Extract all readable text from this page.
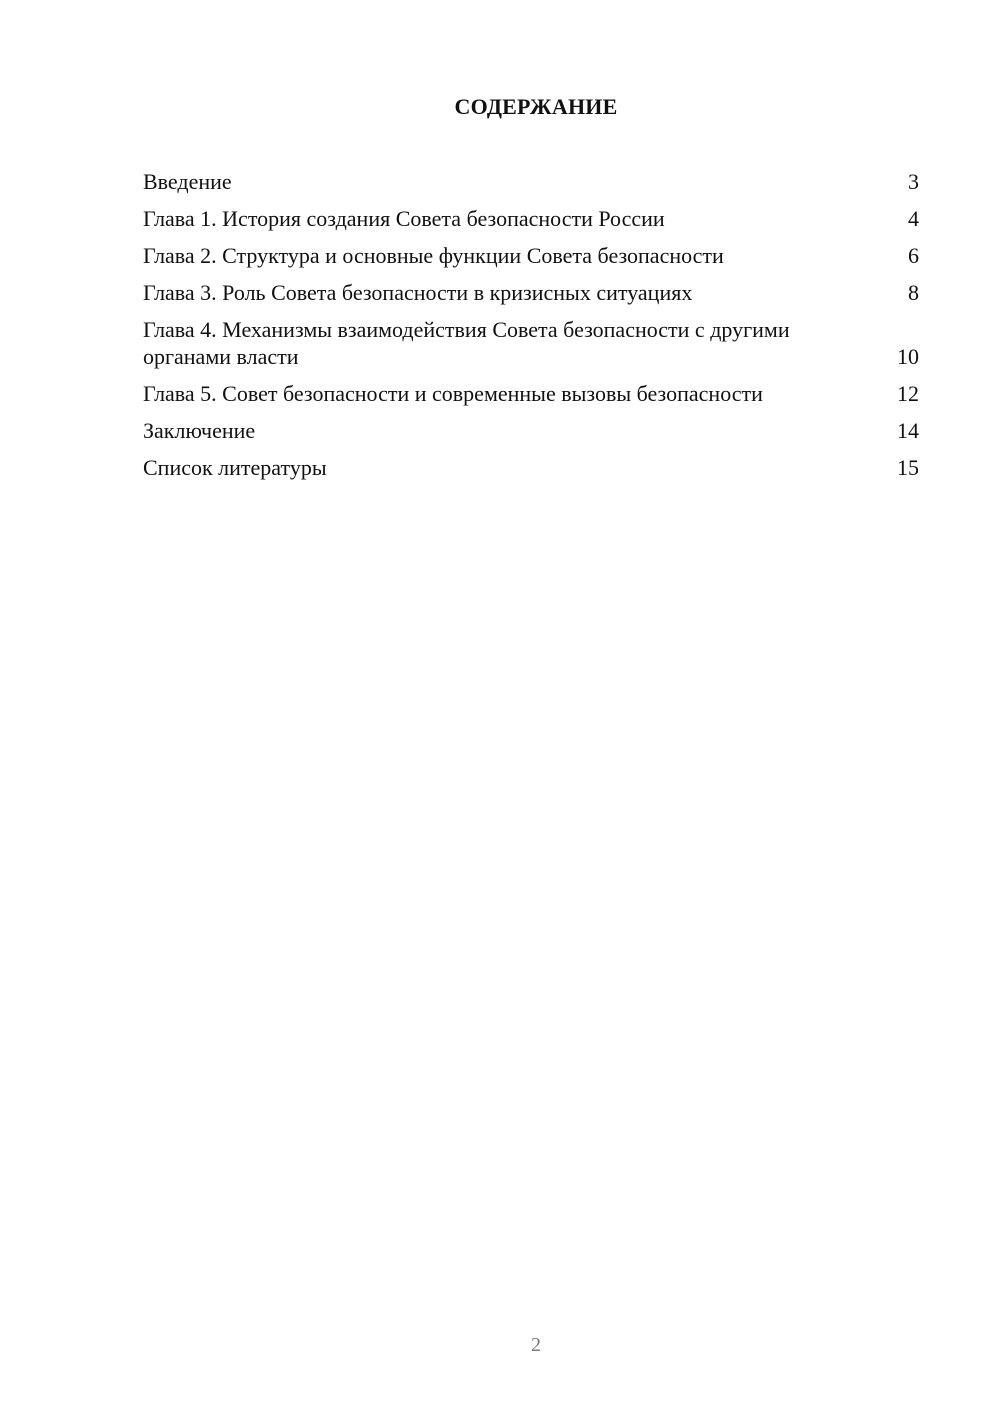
СОДЕРЖАНИЕ
Введение	3
Глава 1. История создания Совета безопасности России	4
Глава 2. Структура и основные функции Совета безопасности	6
Глава 3. Роль Совета безопасности в кризисных ситуациях	8
Глава 4. Механизмы взаимодействия Совета безопасности с другими органами власти	10
Глава 5. Совет безопасности и современные вызовы безопасности	12
Заключение	14
Список литературы	15
2
